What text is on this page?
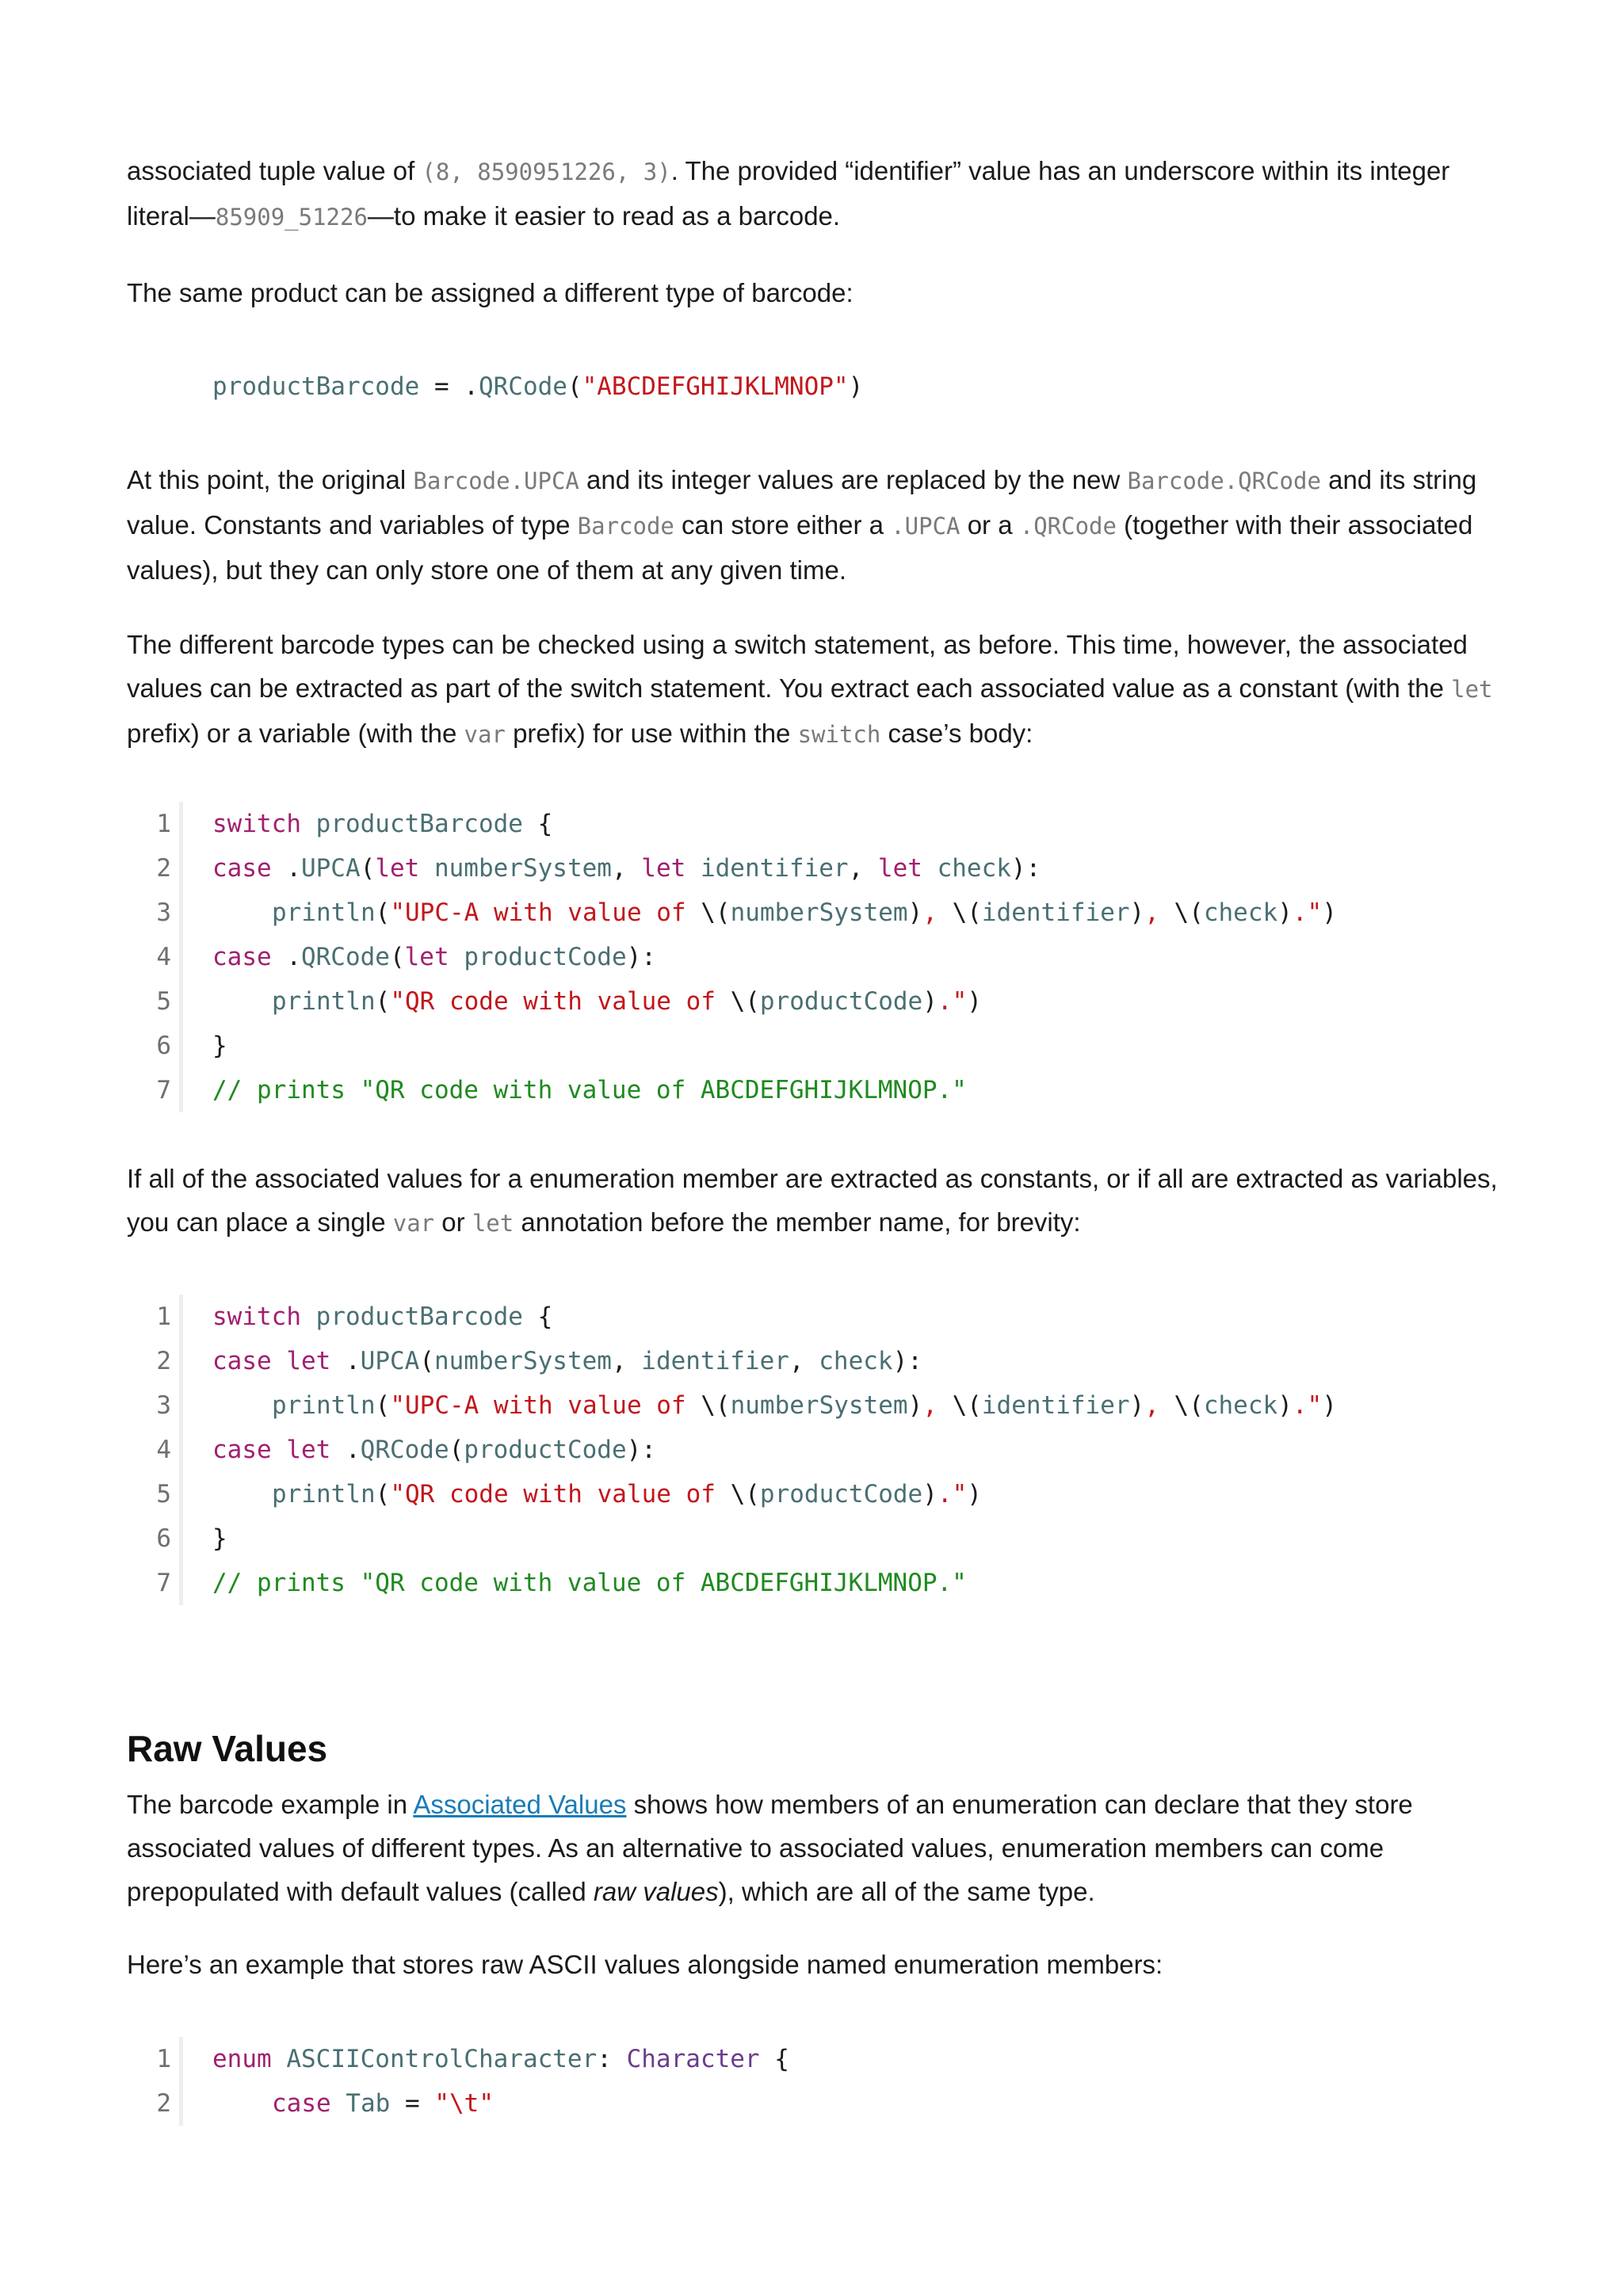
associated tuple value of (8, 8590951226, 3). The provided “identifier” value has an underscore within its integer literal—85909_51226—to make it easier to read as a barcode.

The same product can be assigned a different type of barcode:

productBarcode = .QRCode("ABCDEFGHIJKLMNOP")

At this point, the original Barcode.UPCA and its integer values are replaced by the new Barcode.QRCode and its string value. Constants and variables of type Barcode can store either a .UPCA or a .QRCode (together with their associated values), but they can only store one of them at any given time.

The different barcode types can be checked using a switch statement, as before. This time, however, the associated values can be extracted as part of the switch statement. You extract each associated value as a constant (with the let prefix) or a variable (with the var prefix) for use within the switch case’s body:

1 switch productBarcode {
2 case .UPCA(let numberSystem, let identifier, let check):
3	println("UPC-A with value of \(numberSystem), \(identifier), \(check).")
4 case .QRCode(let productCode):
5	println("QR code with value of \(productCode).")
6 }
7 // prints "QR code with value of ABCDEFGHIJKLMNOP."

If all of the associated values for a enumeration member are extracted as constants, or if all are extracted as variables, you can place a single var or let annotation before the member name, for brevity:

1 switch productBarcode {
2 case let .UPCA(numberSystem, identifier, check):
3	println("UPC-A with value of \(numberSystem), \(identifier), \(check).")
4 case let .QRCode(productCode):
5	println("QR code with value of \(productCode).")
6 }
7 // prints "QR code with value of ABCDEFGHIJKLMNOP."
Raw Values

The barcode example in Associated Values shows how members of an enumeration can declare that they store associated values of different types. As an alternative to associated values, enumeration members can come prepopulated with default values (called raw values), which are all of the same type.

Here’s an example that stores raw ASCII values alongside named enumeration members:

1 enum ASCIIControlCharacter: Character {
2	case Tab = "\t"
